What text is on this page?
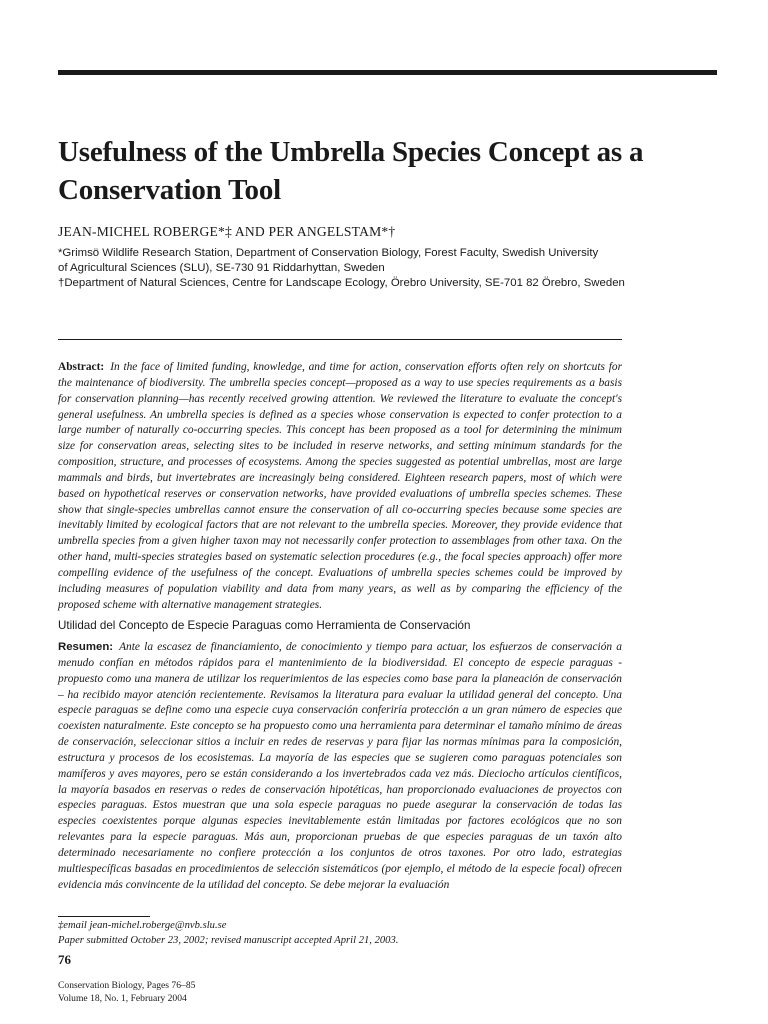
Usefulness of the Umbrella Species Concept as a Conservation Tool
JEAN-MICHEL ROBERGE*‡ AND PER ANGELSTAM*†
*Grimsö Wildlife Research Station, Department of Conservation Biology, Forest Faculty, Swedish University
of Agricultural Sciences (SLU), SE-730 91 Riddarhyttan, Sweden
†Department of Natural Sciences, Centre for Landscape Ecology, Örebro University, SE-701 82 Örebro, Sweden
Abstract: In the face of limited funding, knowledge, and time for action, conservation efforts often rely on shortcuts for the maintenance of biodiversity. The umbrella species concept—proposed as a way to use species requirements as a basis for conservation planning—has recently received growing attention. We reviewed the literature to evaluate the concept's general usefulness. An umbrella species is defined as a species whose conservation is expected to confer protection to a large number of naturally co-occurring species. This concept has been proposed as a tool for determining the minimum size for conservation areas, selecting sites to be included in reserve networks, and setting minimum standards for the composition, structure, and processes of ecosystems. Among the species suggested as potential umbrellas, most are large mammals and birds, but invertebrates are increasingly being considered. Eighteen research papers, most of which were based on hypothetical reserves or conservation networks, have provided evaluations of umbrella species schemes. These show that single-species umbrellas cannot ensure the conservation of all co-occurring species because some species are inevitably limited by ecological factors that are not relevant to the umbrella species. Moreover, they provide evidence that umbrella species from a given higher taxon may not necessarily confer protection to assemblages from other taxa. On the other hand, multi-species strategies based on systematic selection procedures (e.g., the focal species approach) offer more compelling evidence of the usefulness of the concept. Evaluations of umbrella species schemes could be improved by including measures of population viability and data from many years, as well as by comparing the efficiency of the proposed scheme with alternative management strategies.
Utilidad del Concepto de Especie Paraguas como Herramienta de Conservación
Resumen: Ante la escasez de financiamiento, de conocimiento y tiempo para actuar, los esfuerzos de conservación a menudo confían en métodos rápidos para el mantenimiento de la biodiversidad. El concepto de especie paraguas - propuesto como una manera de utilizar los requerimientos de las especies como base para la planeación de conservación – ha recibido mayor atención recientemente. Revisamos la literatura para evaluar la utilidad general del concepto. Una especie paraguas se define como una especie cuya conservación conferiría protección a un gran número de especies que coexisten naturalmente. Este concepto se ha propuesto como una herramienta para determinar el tamaño mínimo de áreas de conservación, seleccionar sitios a incluir en redes de reservas y para fijar las normas mínimas para la composición, estructura y procesos de los ecosistemas. La mayoría de las especies que se sugieren como paraguas potenciales son mamíferos y aves mayores, pero se están considerando a los invertebrados cada vez más. Dieciocho artículos científicos, la mayoría basados en reservas o redes de conservación hipotéticas, han proporcionado evaluaciones de proyectos con especies paraguas. Estos muestran que una sola especie paraguas no puede asegurar la conservación de todas las especies coexistentes porque algunas especies inevitablemente están limitadas por factores ecológicos que no son relevantes para la especie paraguas. Más aun, proporcionan pruebas de que especies paraguas de un taxón alto determinado necesariamente no confiere protección a los conjuntos de otros taxones. Por otro lado, estrategias multiespecíficas basadas en procedimientos de selección sistemáticos (por ejemplo, el método de la especie focal) ofrecen evidencia más convincente de la utilidad del concepto. Se debe mejorar la evaluación
‡email jean-michel.roberge@nvb.slu.se
Paper submitted October 23, 2002; revised manuscript accepted April 21, 2003.
76
Conservation Biology, Pages 76–85
Volume 18, No. 1, February 2004
